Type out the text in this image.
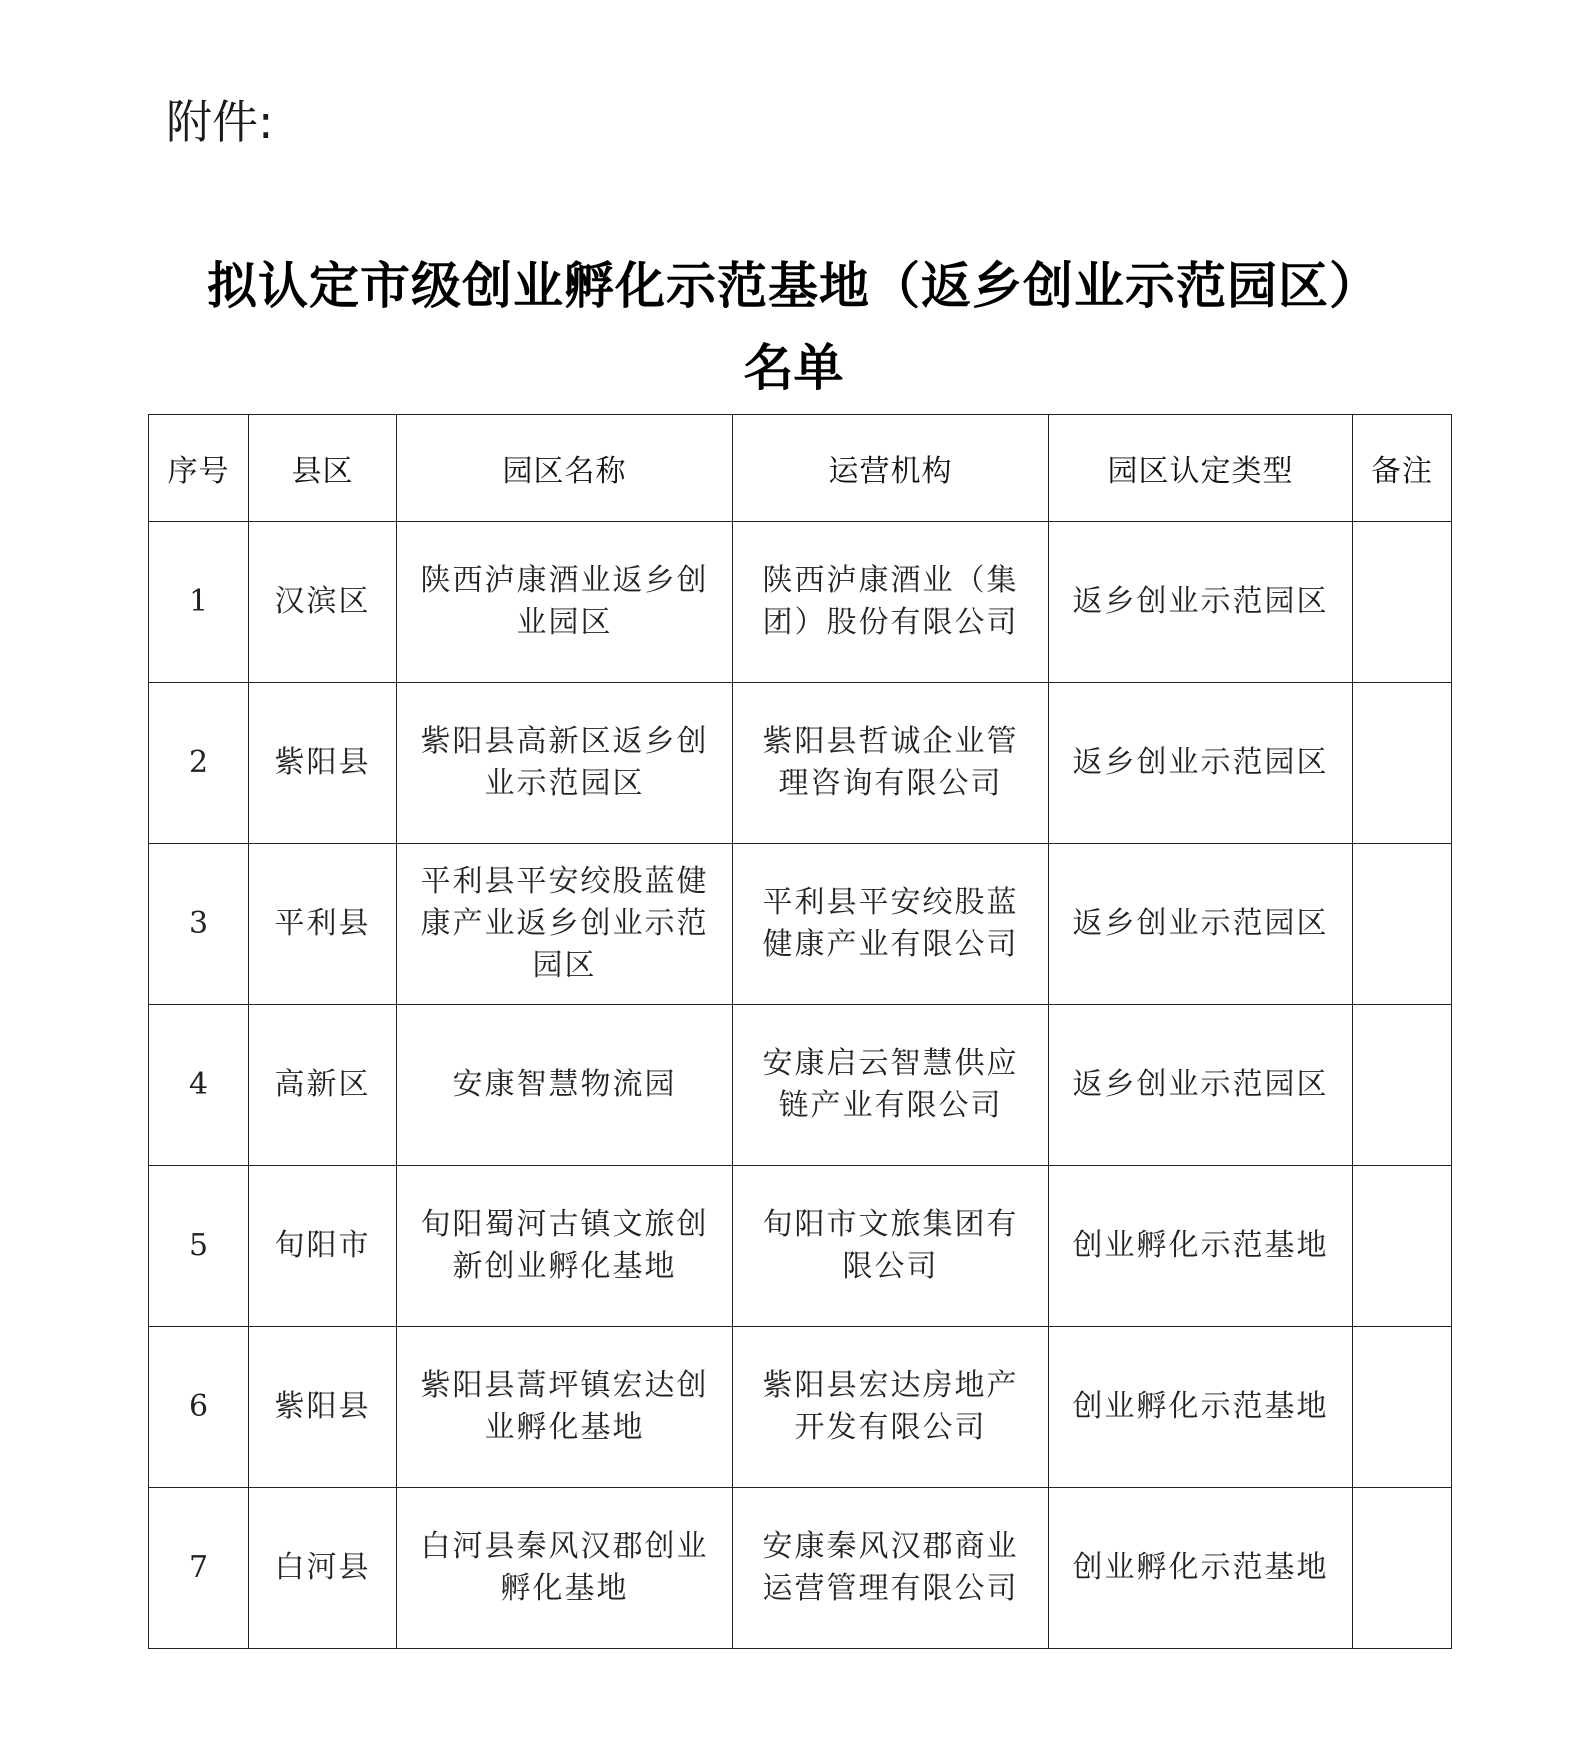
附件:
拟认定市级创业孵化示范基地（返乡创业示范园区）
名单
序号	县区	园区名称	运营机构	园区认定类型	备注
1	汉滨区	陕西泸康酒业返乡创业园区	陕西泸康酒业（集团）股份有限公司	返乡创业示范园区	
2	紫阳县	紫阳县高新区返乡创业示范园区	紫阳县哲诚企业管理咨询有限公司	返乡创业示范园区	
3	平利县	平利县平安绞股蓝健康产业返乡创业示范园区	平利县平安绞股蓝健康产业有限公司	返乡创业示范园区	
4	高新区	安康智慧物流园	安康启云智慧供应链产业有限公司	返乡创业示范园区	
5	旬阳市	旬阳蜀河古镇文旅创新创业孵化基地	旬阳市文旅集团有限公司	创业孵化示范基地	
6	紫阳县	紫阳县蒿坪镇宏达创业孵化基地	紫阳县宏达房地产开发有限公司	创业孵化示范基地	
7	白河县	白河县秦风汉郡创业孵化基地	安康秦风汉郡商业运营管理有限公司	创业孵化示范基地	
